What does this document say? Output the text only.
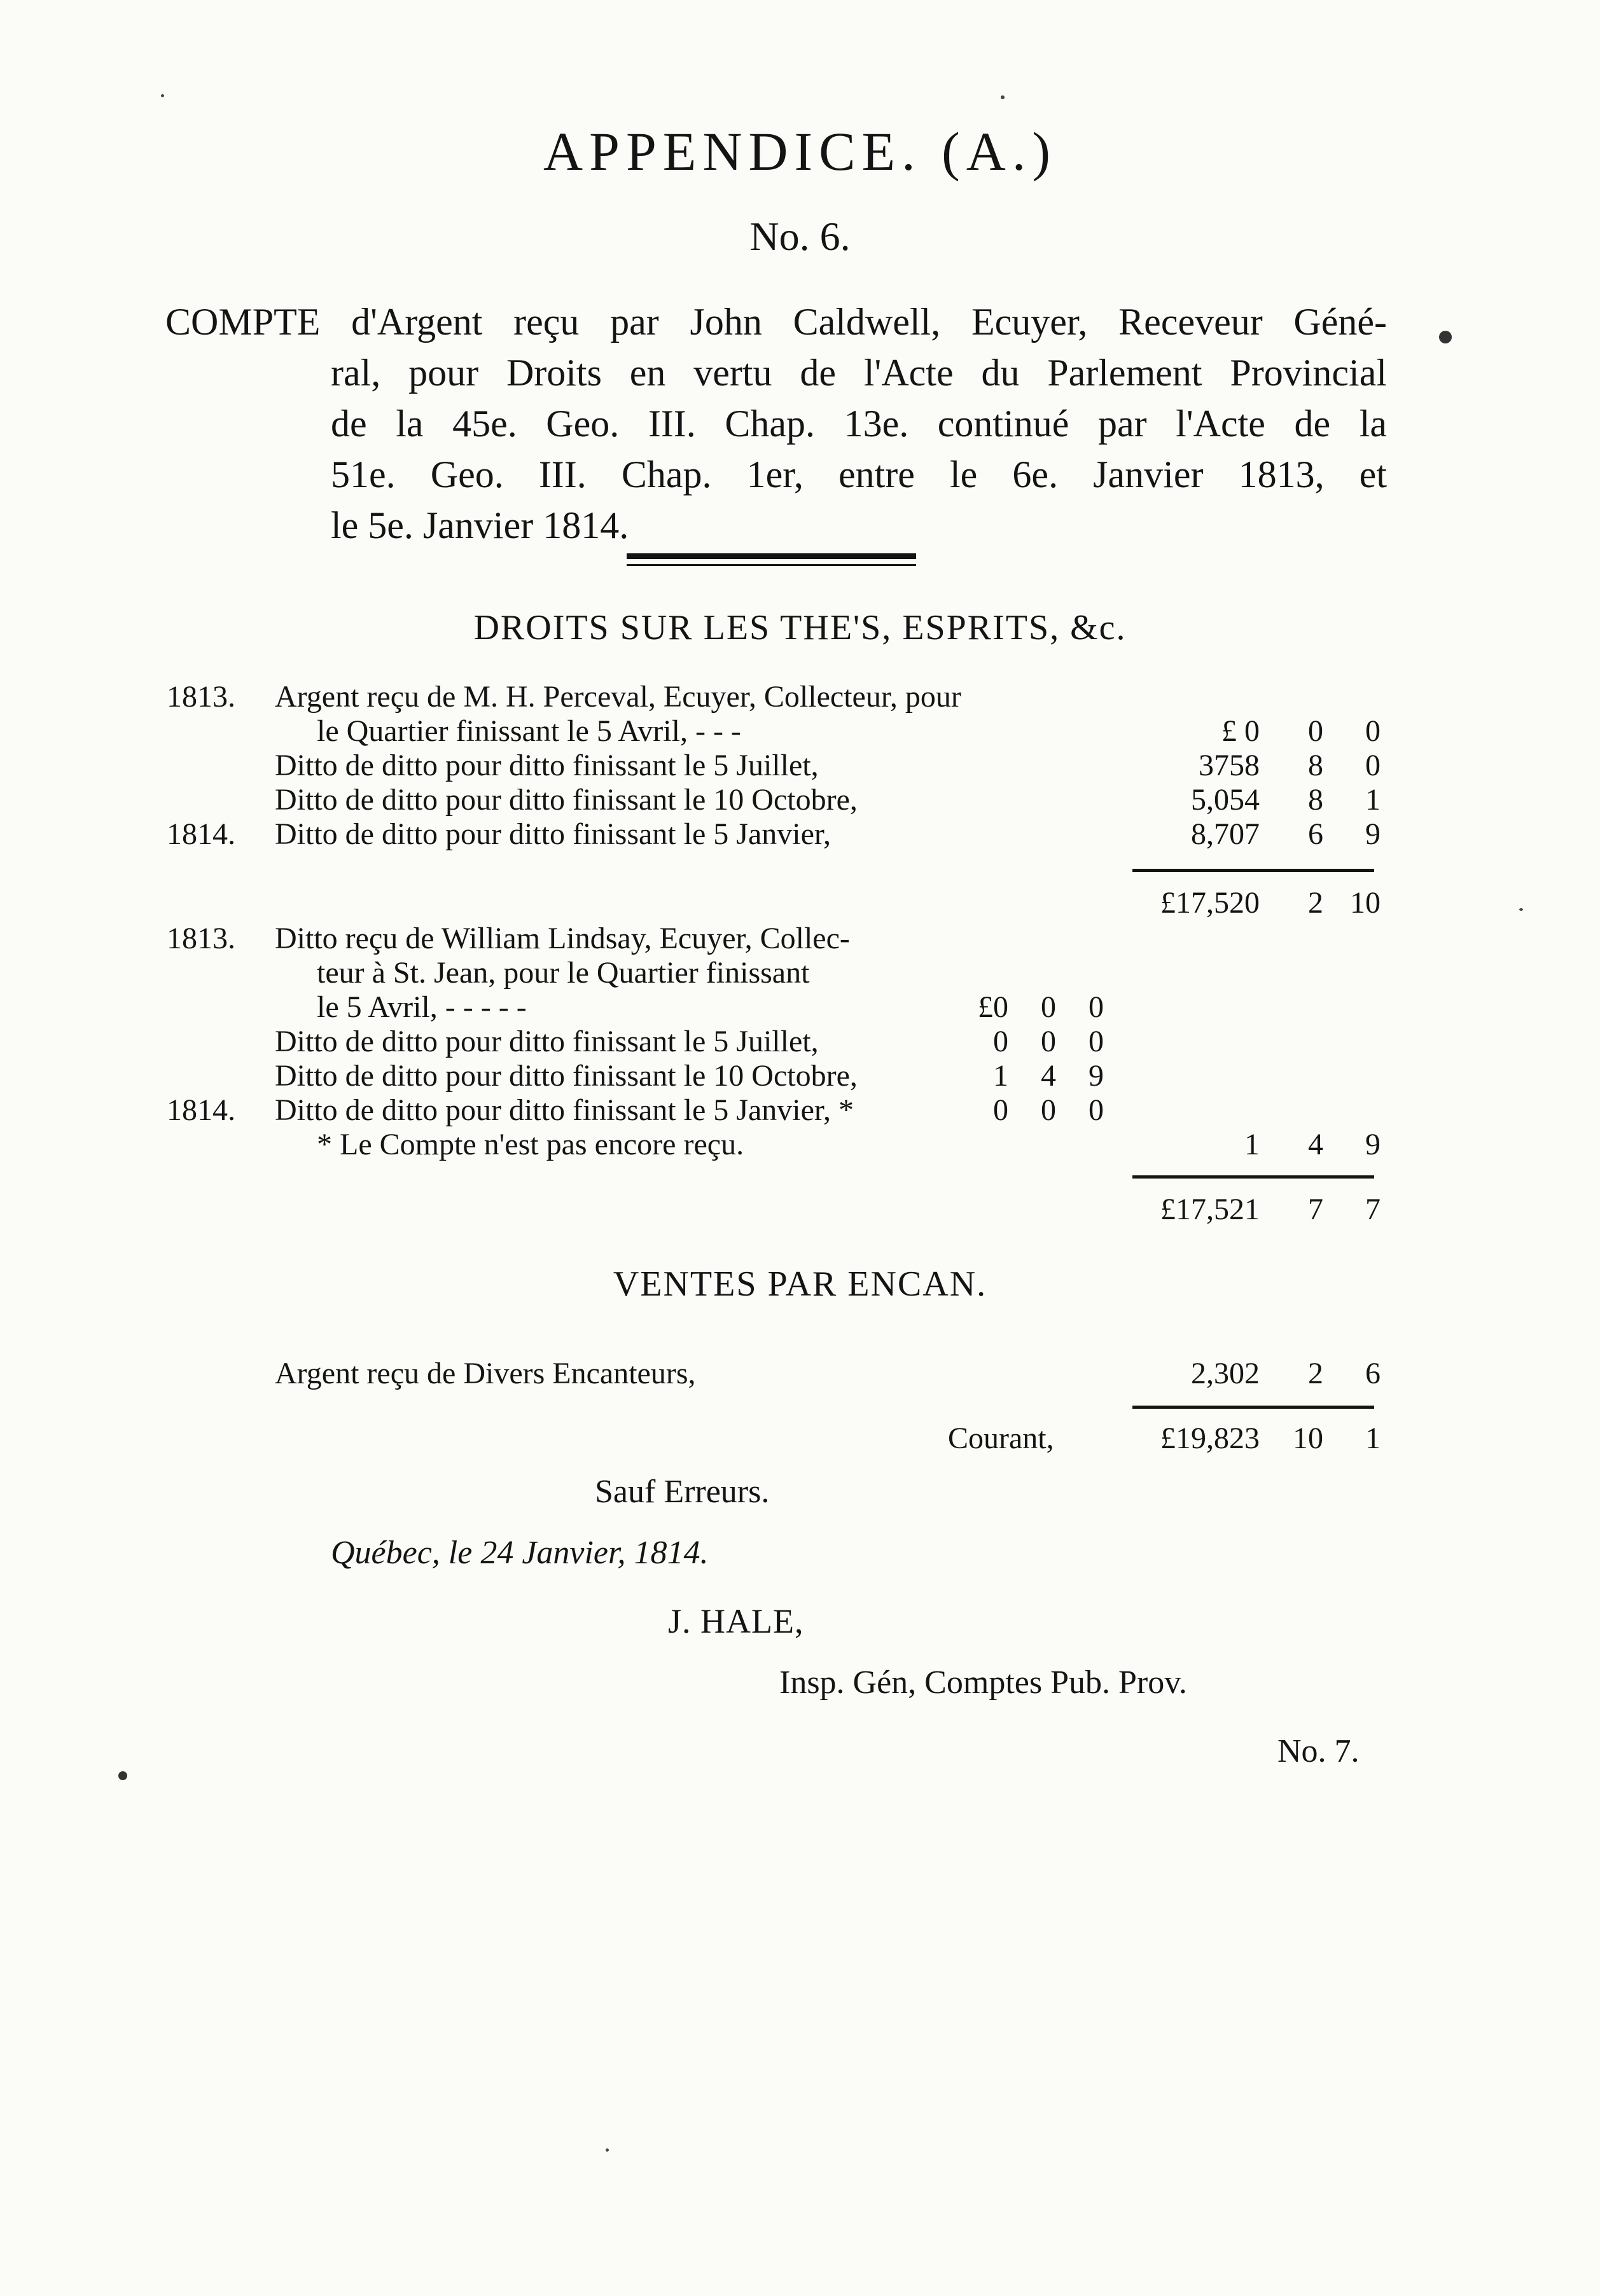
APPENDICE. (A.)
No. 6.
COMPTE d'Argent reçu par John Caldwell, Ecuyer, Receveur Géné-
ral, pour Droits en vertu de l'Acte du Parlement Provincial
de la 45e. Geo. III. Chap. 13e. continué par l'Acte de la
51e. Geo. III. Chap. 1er, entre le 6e. Janvier 1813, et
le 5e. Janvier 1814.
DROITS SUR LES THE'S, ESPRITS, &c.
1813.	Argent reçu de M. H. Perceval, Ecuyer, Collecteur, pour
le Quartier finissant le 5 Avril, - - -	£ 0	0	0
Ditto de ditto pour ditto finissant le 5 Juillet,	3758	8	0
Ditto de ditto pour ditto finissant le 10 Octobre,	5,054	8	1
1814.	Ditto de ditto pour ditto finissant le 5 Janvier,	8,707	6	9
£17,520	2 10
1813.	Ditto reçu de William Lindsay, Ecuyer, Collec-
teur à St. Jean, pour le Quartier finissant
le 5 Avril, - - - - -	£0	0	0
Ditto de ditto pour ditto finissant le 5 Juillet,	0	0	0
Ditto de ditto pour ditto finissant le 10 Octobre,	1	4	9
1814.	Ditto de ditto pour ditto finissant le 5 Janvier, *	0	0	0
* Le Compte n'est pas encore reçu.	1	4	9
£17,521	7	7
VENTES PAR ENCAN.
Argent reçu de Divers Encanteurs,	2,302	2	6
Courant,	£19,823	10	1
Sauf Erreurs.
Québec, le 24 Janvier, 1814.
J. HALE,
Insp. Gén, Comptes Pub. Prov.
No. 7.
